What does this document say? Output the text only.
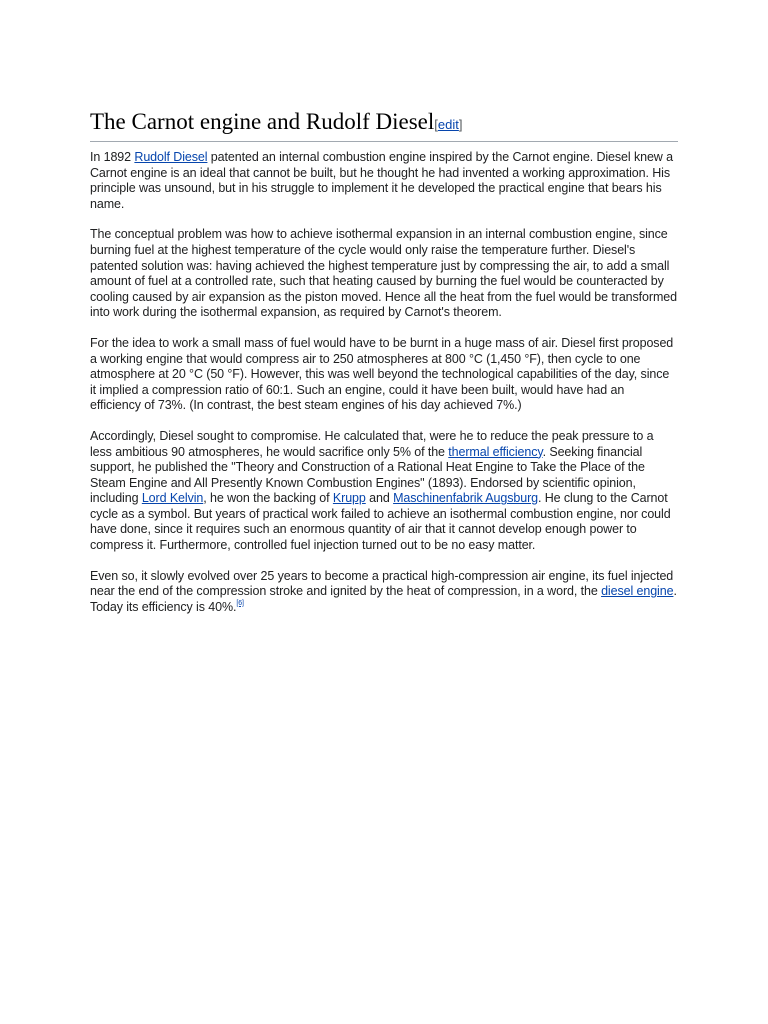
The Carnot engine and Rudolf Diesel[edit]

In 1892 Rudolf Diesel patented an internal combustion engine inspired by the Carnot engine. Diesel knew a Carnot engine is an ideal that cannot be built, but he thought he had invented a working approximation. His principle was unsound, but in his struggle to implement it he developed the practical engine that bears his name.

The conceptual problem was how to achieve isothermal expansion in an internal combustion engine, since burning fuel at the highest temperature of the cycle would only raise the temperature further. Diesel's patented solution was: having achieved the highest temperature just by compressing the air, to add a small amount of fuel at a controlled rate, such that heating caused by burning the fuel would be counteracted by cooling caused by air expansion as the piston moved. Hence all the heat from the fuel would be transformed into work during the isothermal expansion, as required by Carnot's theorem.

For the idea to work a small mass of fuel would have to be burnt in a huge mass of air. Diesel first proposed a working engine that would compress air to 250 atmospheres at 800 °C (1,450 °F), then cycle to one atmosphere at 20 °C (50 °F). However, this was well beyond the technological capabilities of the day, since it implied a compression ratio of 60:1. Such an engine, could it have been built, would have had an efficiency of 73%. (In contrast, the best steam engines of his day achieved 7%.)

Accordingly, Diesel sought to compromise. He calculated that, were he to reduce the peak pressure to a less ambitious 90 atmospheres, he would sacrifice only 5% of the thermal efficiency. Seeking financial support, he published the "Theory and Construction of a Rational Heat Engine to Take the Place of the Steam Engine and All Presently Known Combustion Engines" (1893). Endorsed by scientific opinion, including Lord Kelvin, he won the backing of Krupp and Maschinenfabrik Augsburg. He clung to the Carnot cycle as a symbol. But years of practical work failed to achieve an isothermal combustion engine, nor could have done, since it requires such an enormous quantity of air that it cannot develop enough power to compress it. Furthermore, controlled fuel injection turned out to be no easy matter.

Even so, it slowly evolved over 25 years to become a practical high-compression air engine, its fuel injected near the end of the compression stroke and ignited by the heat of compression, in a word, the diesel engine. Today its efficiency is 40%.[6]
